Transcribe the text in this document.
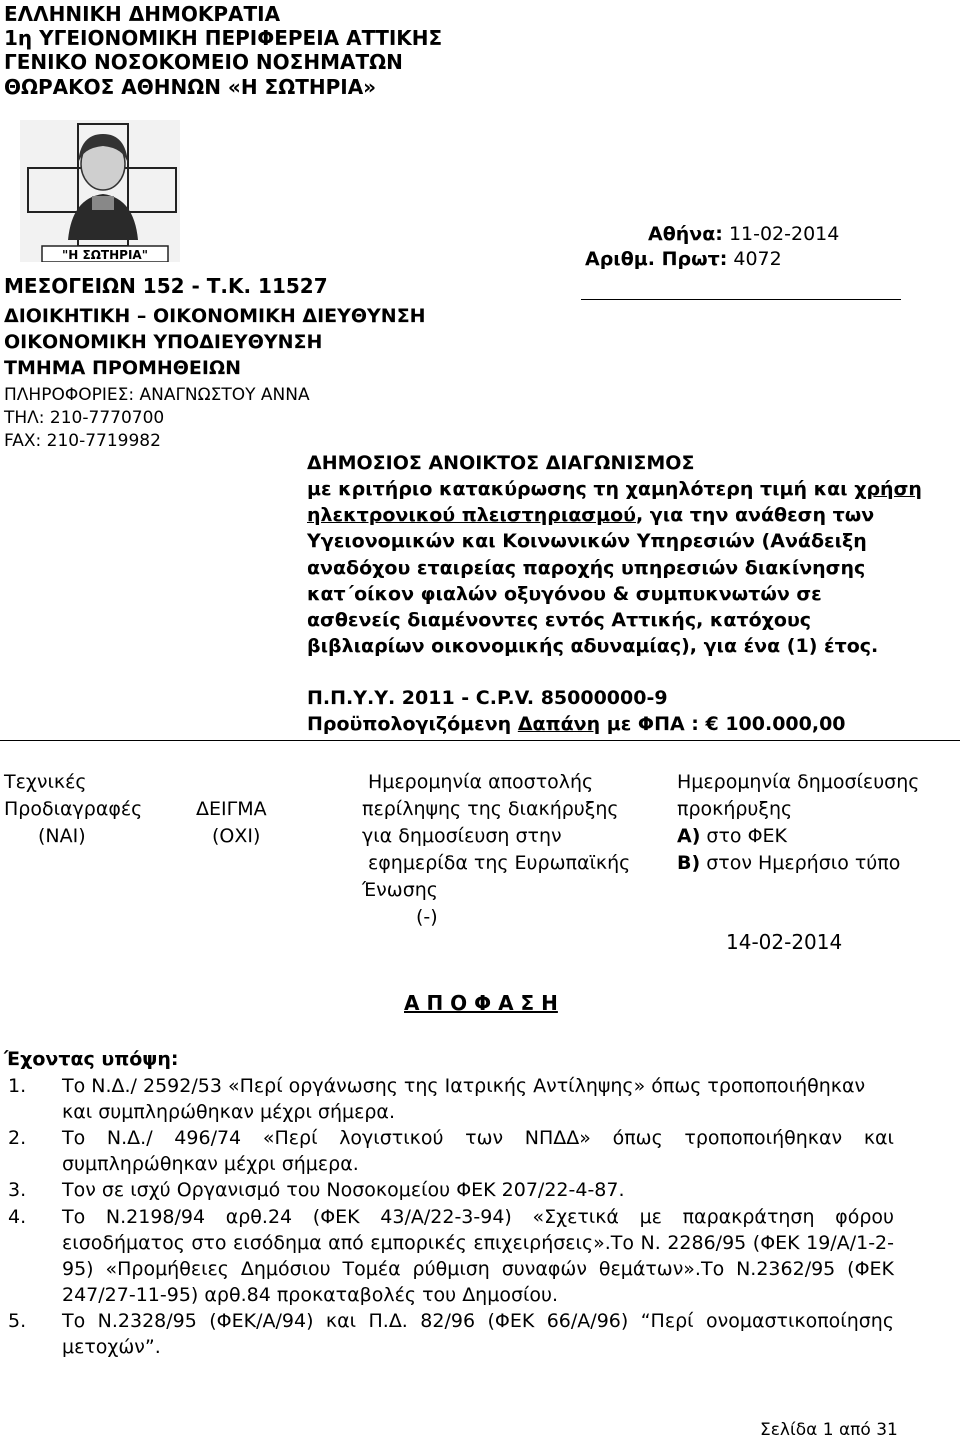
ΕΛΛΗΝΙΚΗ ΔΗΜΟΚΡΑΤΙΑ
1η ΥΓΕΙΟΝΟΜΙΚΗ ΠΕΡΙΦΕΡΕΙΑ ΑΤΤΙΚΗΣ
ΓΕΝΙΚΟ ΝΟΣΟΚΟΜΕΙΟ ΝΟΣΗΜΑΤΩΝ
ΘΩΡΑΚΟΣ ΑΘΗΝΩΝ «Η ΣΩΤΗΡΙΑ»
"Η ΣΩΤΗΡΙΑ"
ΜΕΣΟΓΕΙΩΝ 152 - Τ.Κ. 11527
ΔΙΟΙΚΗΤΙΚΗ – ΟΙΚΟΝΟΜΙΚΗ ΔΙΕΥΘΥΝΣΗ
ΟΙΚΟΝΟΜΙΚΗ ΥΠΟΔΙΕΥΘΥΝΣΗ
ΤΜΗΜΑ ΠΡΟΜΗΘΕΙΩΝ
ΠΛΗΡΟΦΟΡΙΕΣ: ΑΝΑΓΝΩΣΤΟΥ ΑΝΝΑ
ΤΗΛ: 210-7770700
FAX: 210-7719982
Αθήνα: 11-02-2014
Αριθμ. Πρωτ: 4072
ΔΗΜΟΣΙΟΣ ΑΝΟΙΚΤΟΣ ΔΙΑΓΩΝΙΣΜΟΣ
με κριτήριο κατακύρωσης τη χαμηλότερη τιμή και χρήση
ηλεκτρονικού πλειστηριασμού, για την ανάθεση των
Υγειονομικών και Κοινωνικών Υπηρεσιών (Ανάδειξη
αναδόχου εταιρείας παροχής υπηρεσιών διακίνησης
κατ΄οίκον φιαλών οξυγόνου & συμπυκνωτών σε
ασθενείς διαμένοντες εντός Αττικής, κατόχους
βιβλιαρίων οικονομικής αδυναμίας), για ένα (1) έτος.
Π.Π.Υ.Υ. 2011 - C.P.V. 85000000-9
Προϋπολογιζόμενη Δαπάνη με ΦΠΑ : € 100.000,00
Τεχνικές
Προδιαγραφές
(ΝΑΙ)
ΔΕΙΓΜΑ
(ΟΧΙ)
Ημερομηνία αποστολής
περίληψης της διακήρυξης
για δημοσίευση στην
εφημερίδα της Ευρωπαϊκής
Ένωσης
(-)
Ημερομηνία δημοσίευσης
προκήρυξης
Α) στο ΦΕΚ
Β) στον Ημερήσιο τύπο
14-02-2014
Α Π Ο Φ Α Σ Η
Έχοντας υπόψη:
1. Το Ν.Δ./ 2592/53 «Περί οργάνωσης της Ιατρικής Αντίληψης» όπως τροποποιήθηκαν
και συμπληρώθηκαν μέχρι σήμερα.
2. Το Ν.Δ./ 496/74 «Περί λογιστικού των ΝΠΔΔ» όπως τροποποιήθηκαν και
συμπληρώθηκαν μέχρι σήμερα.
3. Τον σε ισχύ Οργανισμό του Νοσοκομείου ΦΕΚ 207/22-4-87.
4. Το Ν.2198/94 αρθ.24 (ΦΕΚ 43/Α/22-3-94) «Σχετικά με παρακράτηση φόρου
εισοδήματος στο εισόδημα από εμπορικές επιχειρήσεις».Το Ν. 2286/95 (ΦΕΚ 19/Α/1-2-
95) «Προμήθειες Δημόσιου Τομέα ρύθμιση συναφών θεμάτων».Το Ν.2362/95 (ΦΕΚ
247/27-11-95) αρθ.84 προκαταβολές του Δημοσίου.
5. Το Ν.2328/95 (ΦΕΚ/Α/94) και Π.Δ. 82/96 (ΦΕΚ 66/Α/96) “Περί ονομαστικοποίησης
μετοχών”.
Σελίδα 1 από 31
